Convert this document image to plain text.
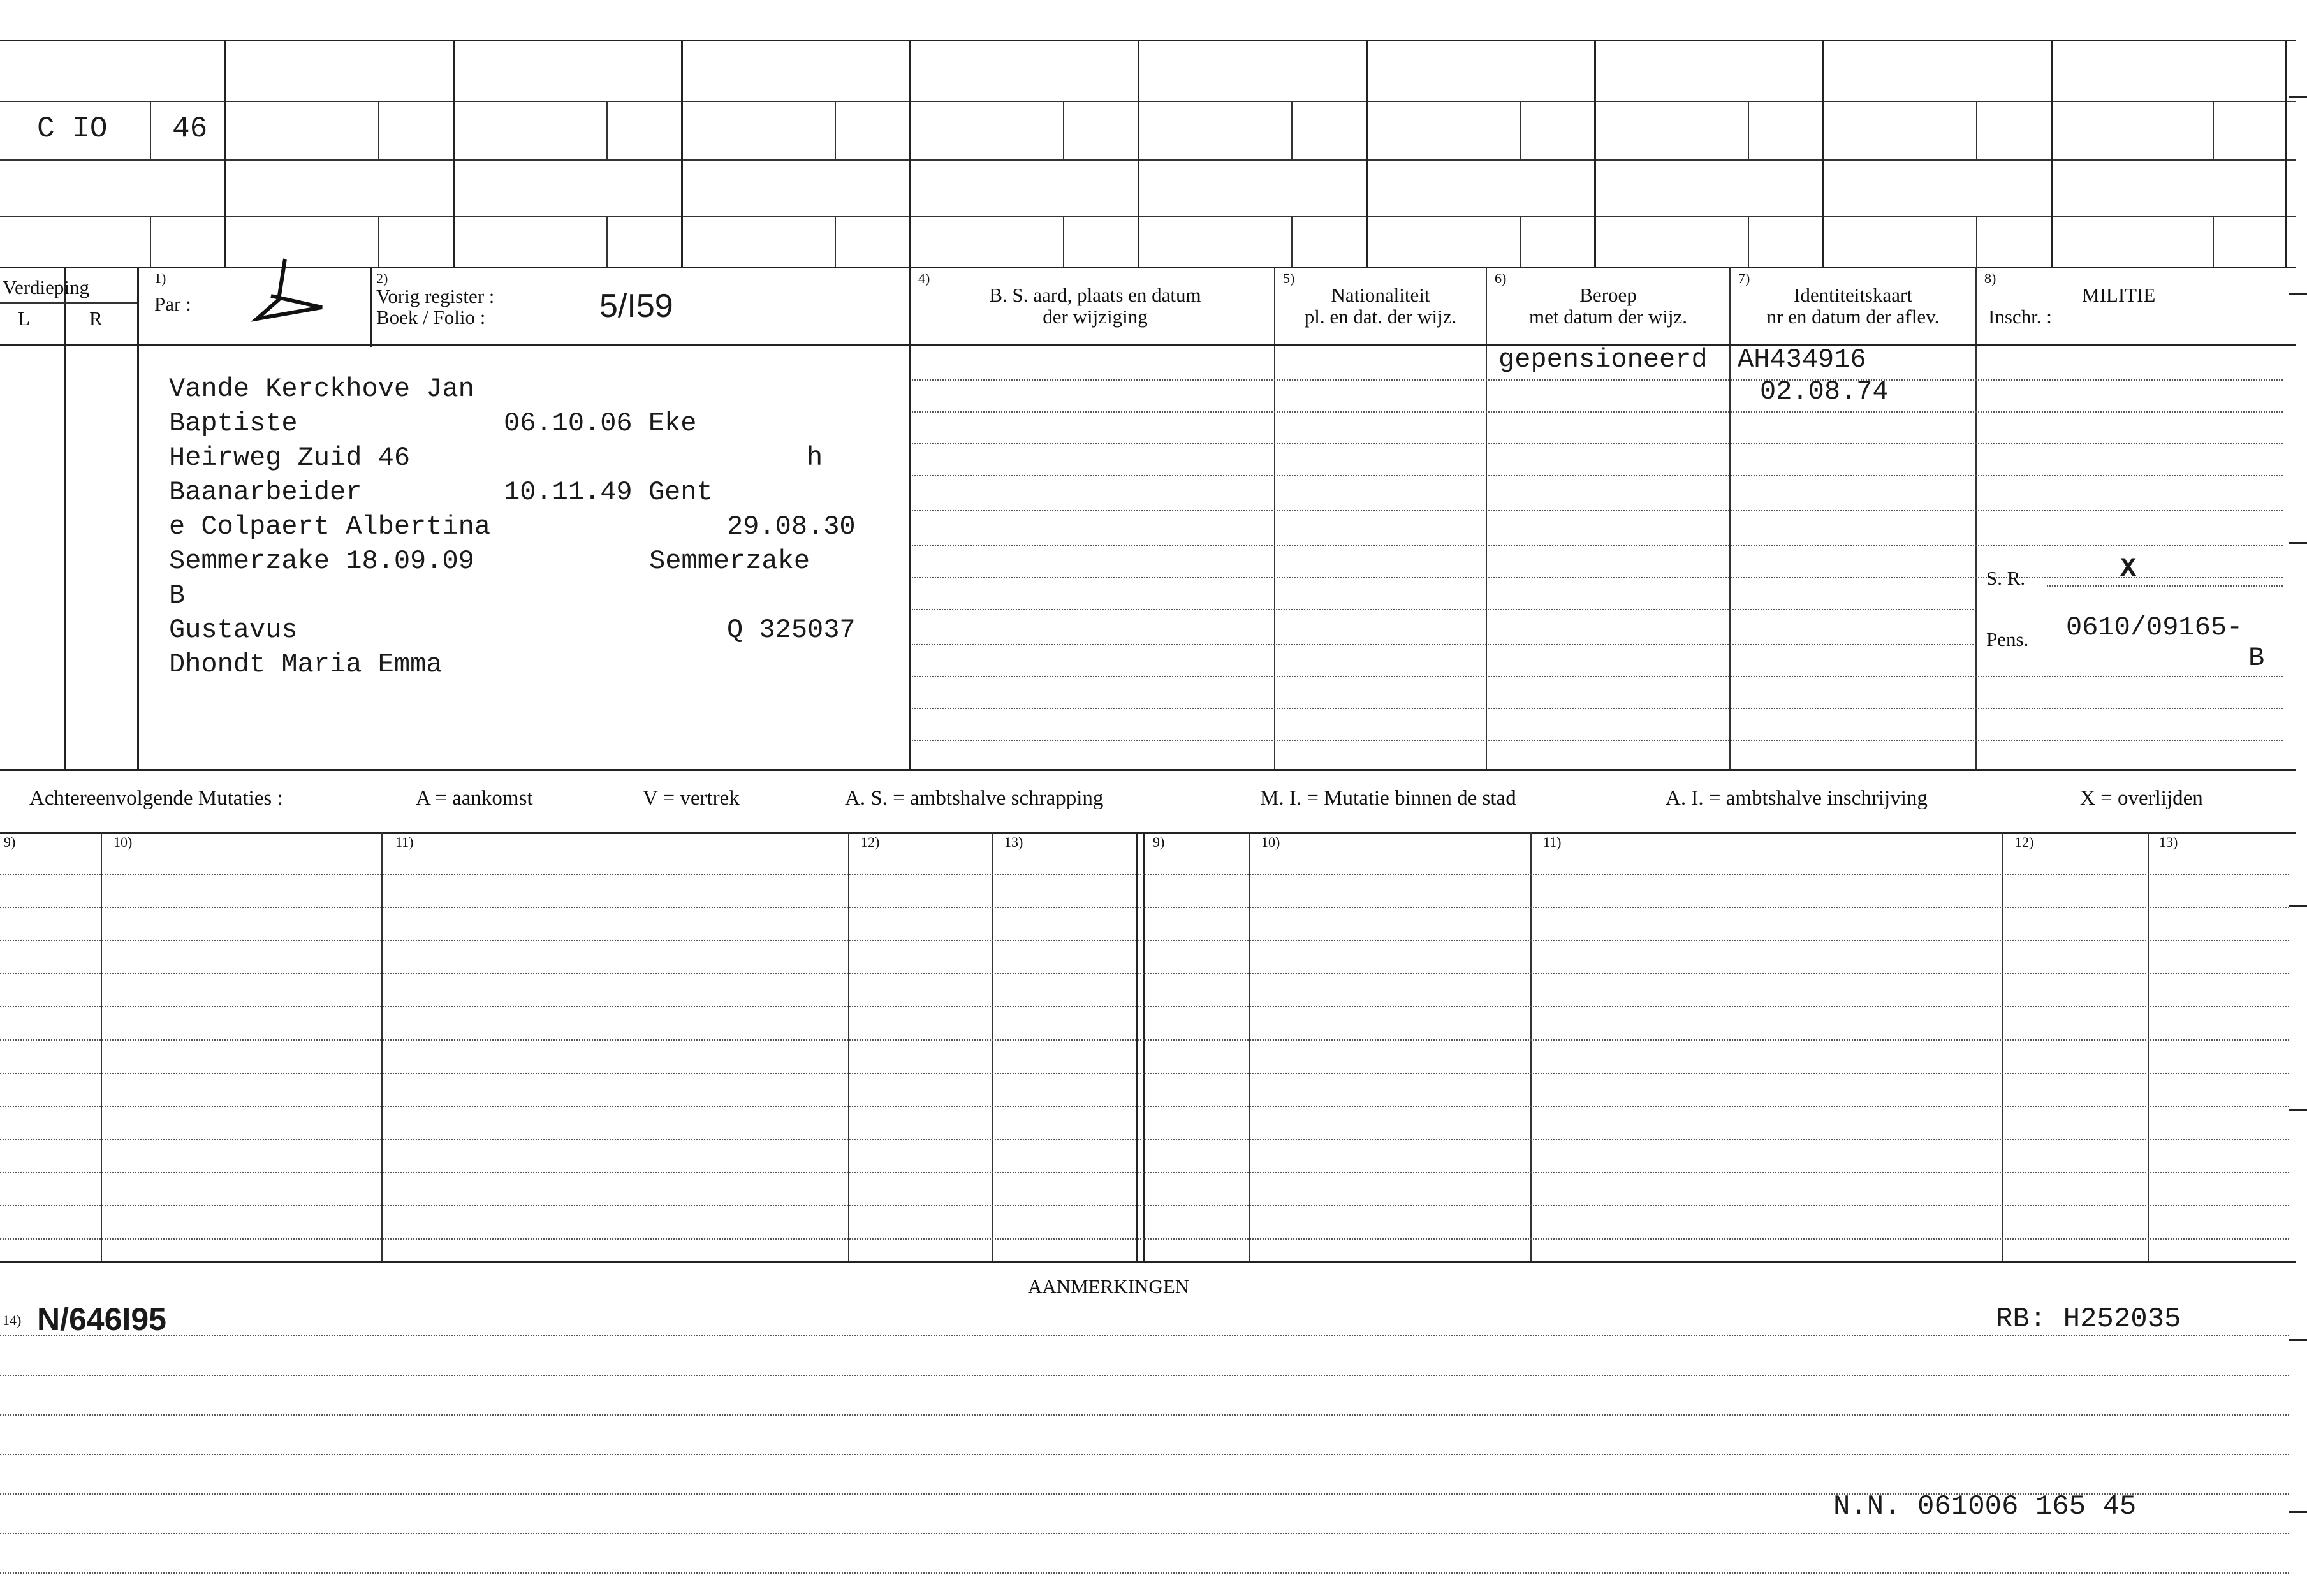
C IO 46
Verdieping
L	R
1)
Par :
2)
Vorig register :
Boek / Folio :	5/I59
4)
B. S. aard, plaats en datum
der wijziging
5)
Nationaliteit
pl. en dat. der wijz.
6)
Beroep
met datum der wijz.
7)
Identiteitskaart
nr en datum der aflev.
8)
MILITIE
Inschr. :
Vande Kerckhove Jan
Baptiste	06.10.06 Eke
Heirweg Zuid 46	h
Baanarbeider	10.11.49 Gent
e Colpaert Albertina	29.08.30
Semmerzake 18.09.09	Semmerzake
B
Gustavus	Q 325037
Dhondt Maria Emma
gepensioneerd AH434916
02.08.74
S. R.	X
Pens. 0610/09165-
B
Achtereenvolgende Mutaties :	A = aankomst	V = vertrek	A. S. = ambtshalve schrapping	M. I. = Mutatie binnen de stad	A. I. = ambtshalve inschrijving	X = overlijden
9)	10)	11)	12)	13)	9)	10)	11)	12)	13)
AANMERKINGEN
14) N/646I95	RB: H252035
N.N. 061006 165 45
